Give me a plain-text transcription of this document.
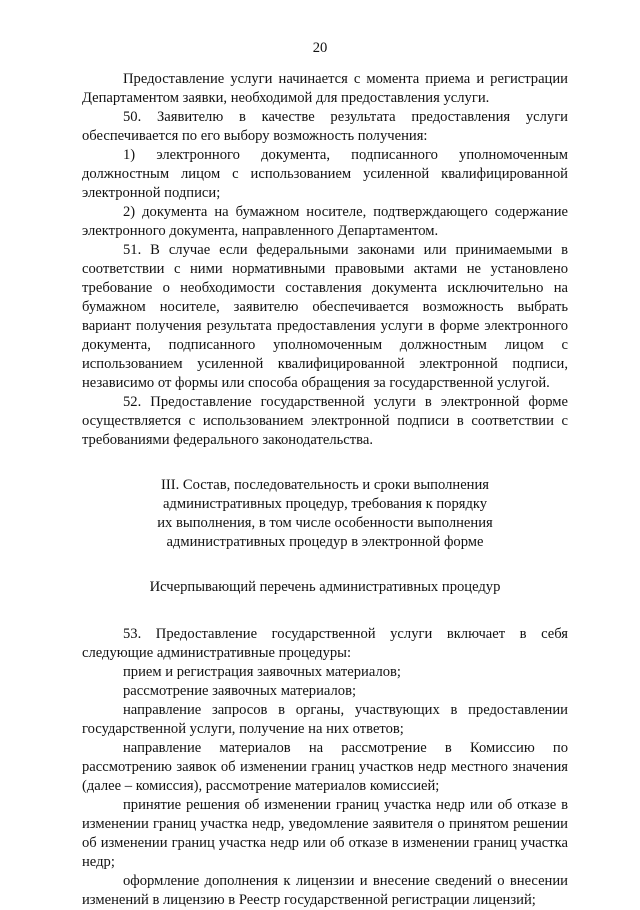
20

Предоставление услуги начинается с момента приема и регистрации Департаментом заявки, необходимой для предоставления услуги.

50. Заявителю в качестве результата предоставления услуги обеспечивается по его выбору возможность получения:

1) электронного документа, подписанного уполномоченным должностным лицом с использованием усиленной квалифицированной электронной подписи;

2) документа на бумажном носителе, подтверждающего содержание электронного документа, направленного Департаментом.

51. В случае если федеральными законами или принимаемыми в соответствии с ними нормативными правовыми актами не установлено требование о необходимости составления документа исключительно на бумажном носителе, заявителю обеспечивается возможность выбрать вариант получения результата предоставления услуги в форме электронного документа, подписанного уполномоченным должностным лицом с использованием усиленной квалифицированной электронной подписи, независимо от формы или способа обращения за государственной услугой.

52. Предоставление государственной услуги в электронной форме осуществляется с использованием электронной подписи в соответствии с требованиями федерального законодательства.

III. Состав, последовательность и сроки выполнения
административных процедур, требования к порядку
их выполнения, в том числе особенности выполнения
административных процедур в электронной форме
Исчерпывающий перечень административных процедур

53. Предоставление государственной услуги включает в себя следующие административные процедуры:

прием и регистрация заявочных материалов;

рассмотрение заявочных материалов;

направление запросов в органы, участвующих в предоставлении государственной услуги, получение на них ответов;

направление материалов на рассмотрение в Комиссию по рассмотрению заявок об изменении границ участков недр местного значения (далее – комиссия), рассмотрение материалов комиссией;

принятие решения об изменении границ участка недр или об отказе в изменении границ участка недр, уведомление заявителя о принятом решении об изменении границ участка недр или об отказе в изменении границ участка недр;

оформление дополнения к лицензии и внесение сведений о внесении изменений в лицензию в Реестр государственной регистрации лицензий;
